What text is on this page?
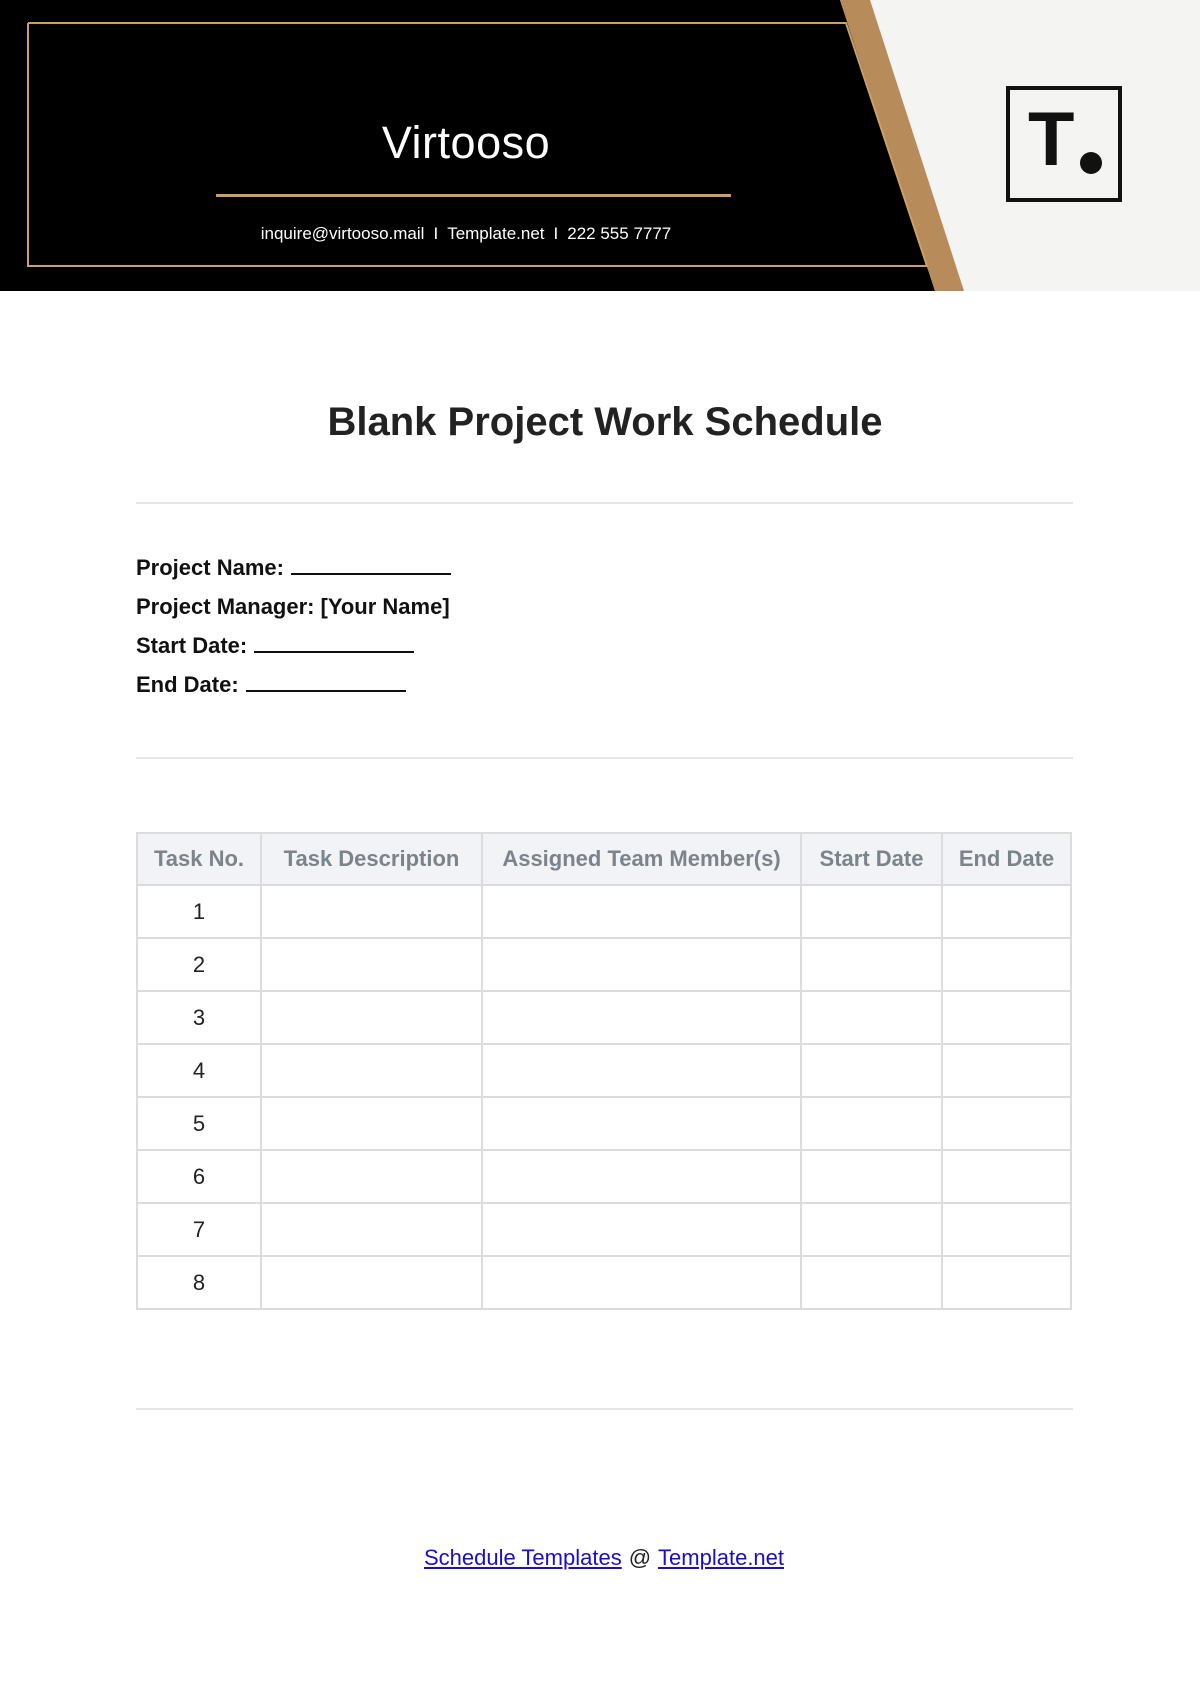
Virtooso
inquire@virtooso.mail I Template.net I 222 555 7777
T
Blank Project Work Schedule
Project Name:
Project Manager: [Your Name]
Start Date:
End Date:
Task No.	Task Description	Assigned Team Member(s)	Start Date	End Date
1				
2				
3				
4				
5				
6				
7				
8				
Schedule Templates @ Template.net
